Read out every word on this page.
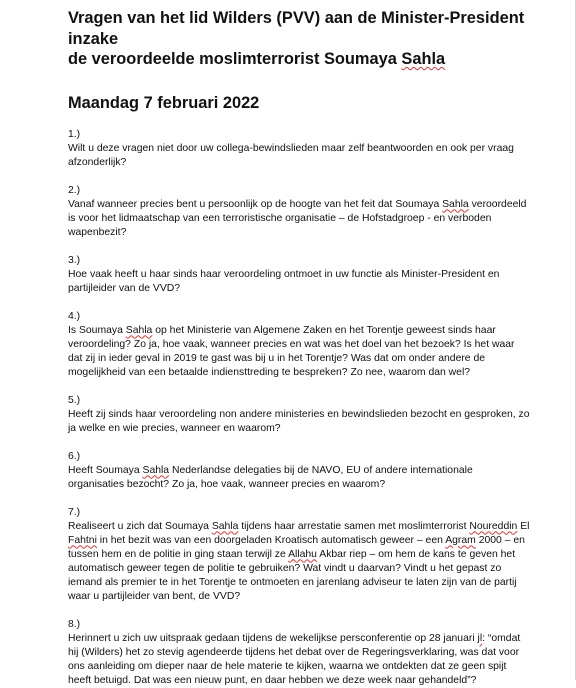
Vragen van het lid Wilders (PVV) aan de Minister-President inzake
de veroordeelde moslimterrorist Soumaya Sahla
Maandag 7 februari 2022

1.)

Wilt u deze vragen niet door uw collega-bewindslieden maar zelf beantwoorden en ook per vraag afzonderlijk?

2.)

Vanaf wanneer precies bent u persoonlijk op de hoogte van het feit dat Soumaya Sahla veroordeeld is voor het lidmaatschap van een terroristische organisatie – de Hofstadgroep - en verboden wapenbezit?

3.)

Hoe vaak heeft u haar sinds haar veroordeling ontmoet in uw functie als Minister-President en partijleider van de VVD?

4.)

Is Soumaya Sahla op het Ministerie van Algemene Zaken en het Torentje geweest sinds haar veroordeling? Zo ja, hoe vaak, wanneer precies en wat was het doel van het bezoek? Is het waar dat zij in ieder geval in 2019 te gast was bij u in het Torentje? Was dat om onder andere de mogelijkheid van een betaalde indiensttreding te bespreken? Zo nee, waarom dan wel?

5.)

Heeft zij sinds haar veroordeling non andere ministeries en bewindslieden bezocht en gesproken, zo ja welke en wie precies, wanneer en waarom?

6.)

Heeft Soumaya Sahla Nederlandse delegaties bij de NAVO, EU of andere internationale organisaties bezocht? Zo ja, hoe vaak, wanneer precies en waarom?

7.)

Realiseert u zich dat Soumaya Sahla tijdens haar arrestatie samen met moslimterrorist Noureddin El Fahtni in het bezit was van een doorgeladen Kroatisch automatisch geweer – een Agram 2000 – en tussen hem en de politie in ging staan terwijl ze Allahu Akbar riep – om hem de kans te geven het automatisch geweer tegen de politie te gebruiken? Wat vindt u daarvan? Vindt u het gepast zo iemand als premier te in het Torentje te ontmoeten en jarenlang adviseur te laten zijn van de partij waar u partijleider van bent, de VVD?

8.)

Herinnert u zich uw uitspraak gedaan tijdens de wekelijkse persconferentie op 28 januari jl: “omdat hij (Wilders) het zo stevig agendeerde tijdens het debat over de Regeringsverklaring, was dat voor ons aanleiding om dieper naar de hele materie te kijken, waarna we ontdekten dat ze geen spijt heeft betuigd. Dat was een nieuw punt, en daar hebben we deze week naar gehandeld”?
